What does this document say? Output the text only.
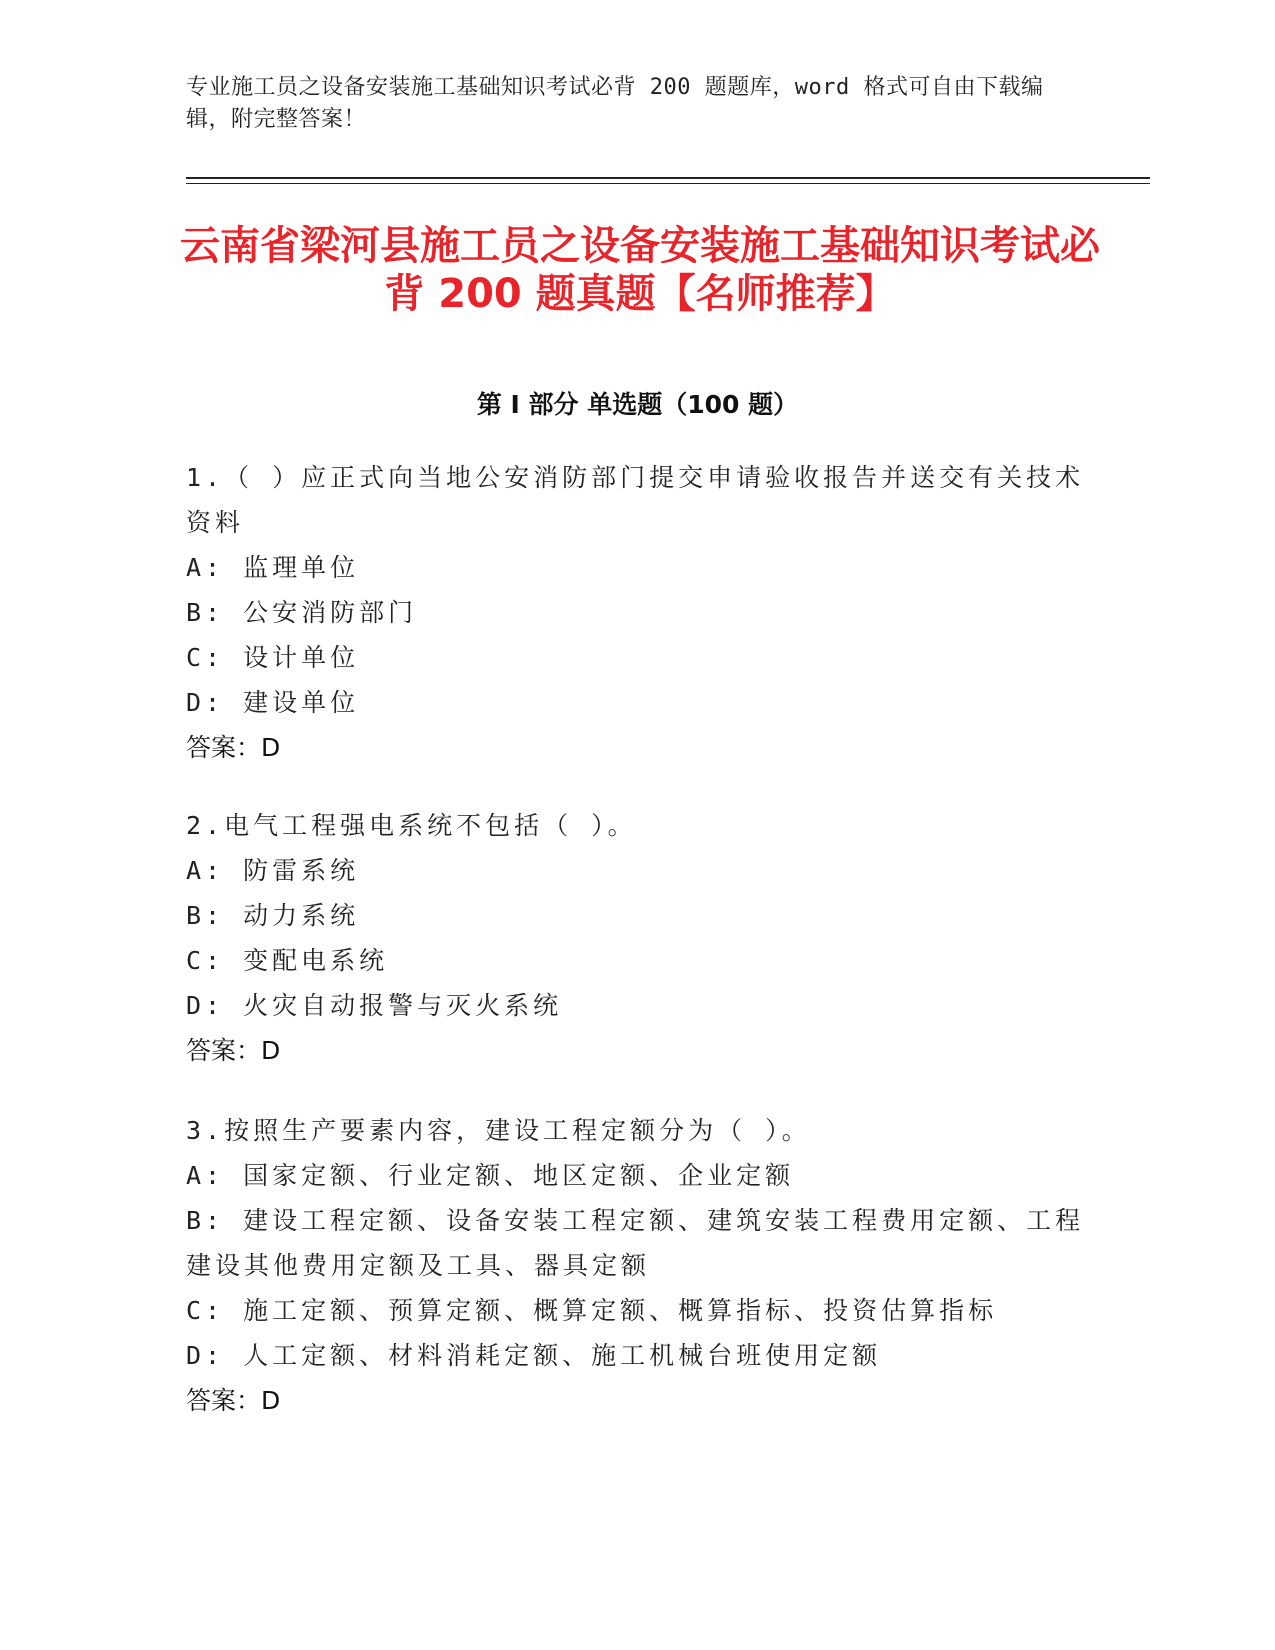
专业施工员之设备安装施工基础知识考试必背 200 题题库，word 格式可自由下载编辑，附完整答案！
云南省梁河县施工员之设备安装施工基础知识考试必背 200 题真题【名师推荐】
第 I 部分 单选题（100 题）
1.（ ）应正式向当地公安消防部门提交申请验收报告并送交有关技术资料
A: 监理单位
B: 公安消防部门
C: 设计单位
D: 建设单位
答案：D
2.电气工程强电系统不包括（ ）。
A: 防雷系统
B: 动力系统
C: 变配电系统
D: 火灾自动报警与灭火系统
答案：D
3.按照生产要素内容，建设工程定额分为（ ）。
A: 国家定额、行业定额、地区定额、企业定额
B: 建设工程定额、设备安装工程定额、建筑安装工程费用定额、工程建设其他费用定额及工具、器具定额
C: 施工定额、预算定额、概算定额、概算指标、投资估算指标
D: 人工定额、材料消耗定额、施工机械台班使用定额
答案：D
